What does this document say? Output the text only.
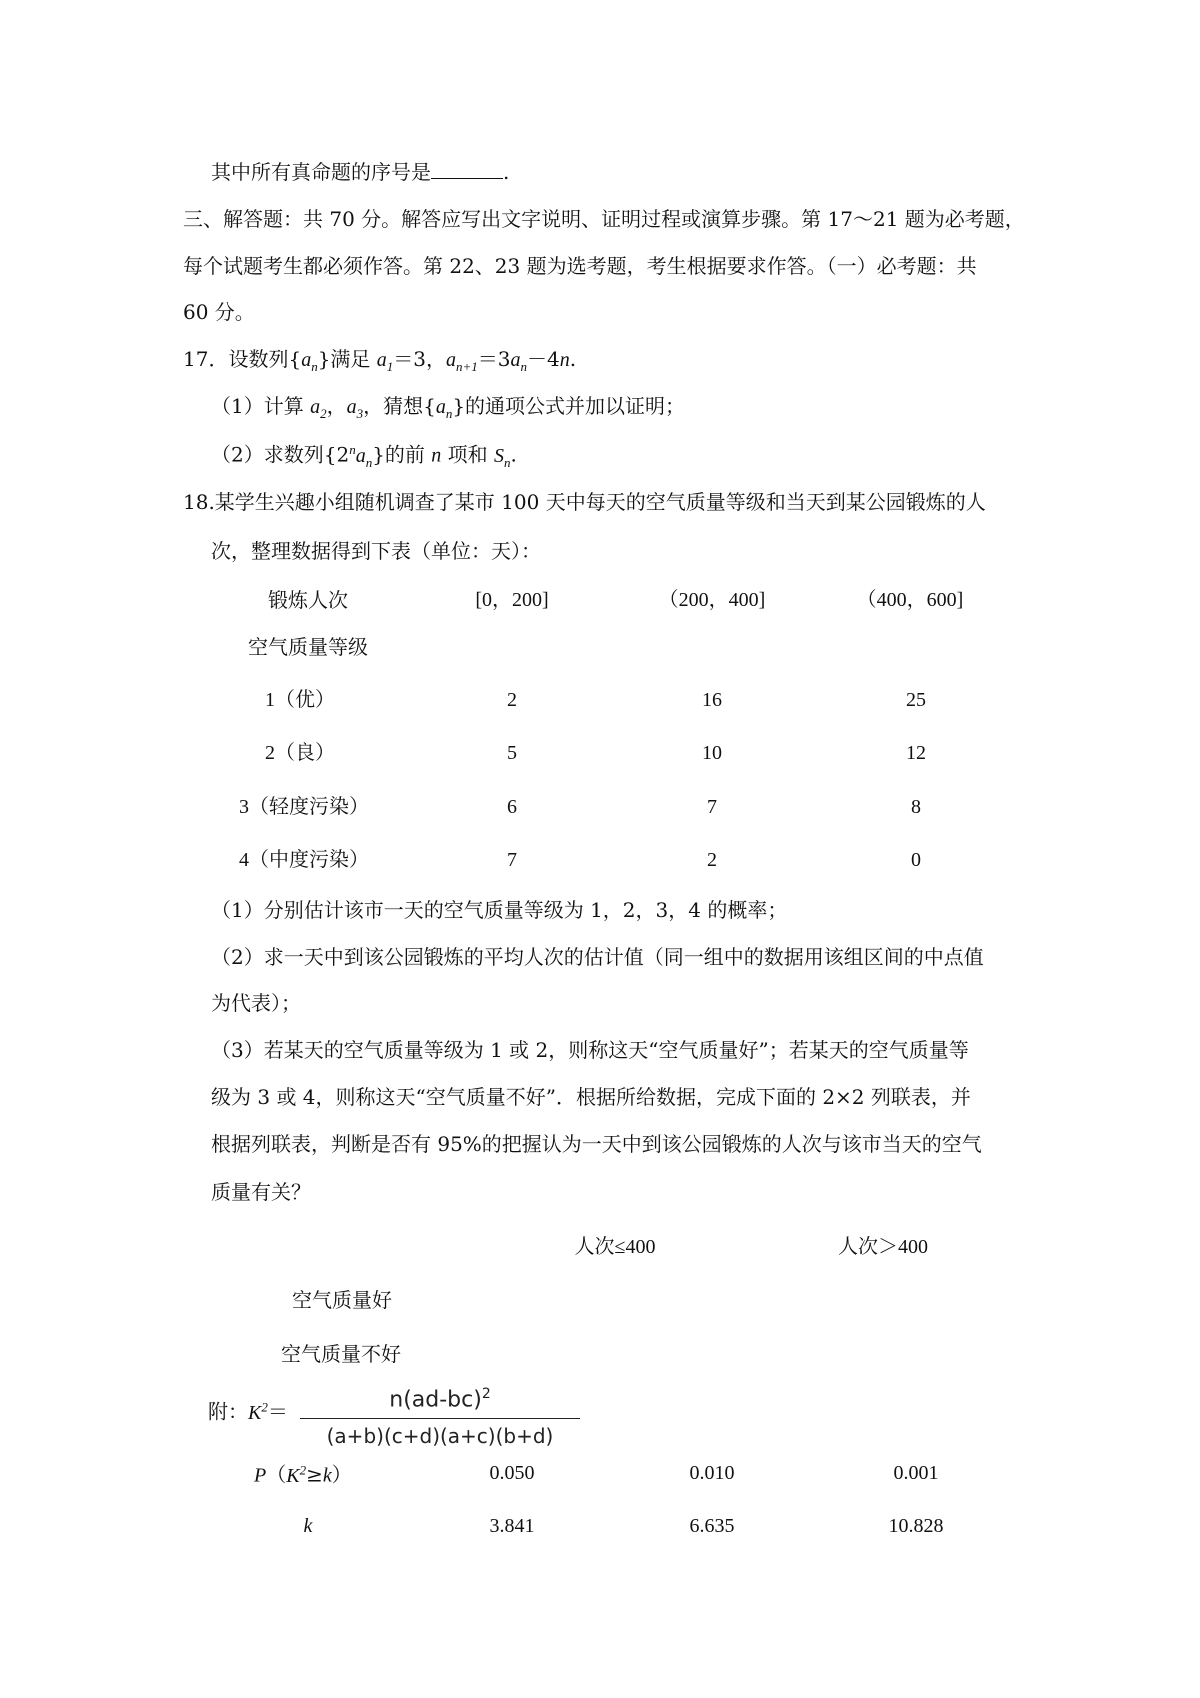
其中所有真命题的序号是	.
三、解答题：共 70 分。解答应写出文字说明、证明过程或演算步骤。第 17～21 题为必考题，
每个试题考生都必须作答。第 22、23 题为选考题，考生根据要求作答。（一）必考题：共
60 分。
17．设数列$\{a_n\}$满足 $a_1=3$，$a_{n+1}=3a_n-4n$.
（1）计算 $a_2$，$a_3$，猜想$\{a_n\}$的通项公式并加以证明；
（2）求数列$\{2^na_n\}$的前 n 项和 $S_n$.
18.某学生兴趣小组随机调查了某市 100 天中每天的空气质量等级和当天到某公园锻炼的人
次，整理数据得到下表（单位：天）：
锻炼人次	[0，200]	（200，400]	（400，600]
空气质量等级
1（优）	2	16	25
2（良）	5	10	12
3（轻度污染）	6	7	8
4（中度污染）	7	2	0
（1）分别估计该市一天的空气质量等级为 1，2，3，4 的概率；
（2）求一天中到该公园锻炼的平均人次的估计值（同一组中的数据用该组区间的中点值
为代表）；
（3）若某天的空气质量等级为 1 或 2，则称这天“空气质量好”；若某天的空气质量等
级为 3 或 4，则称这天“空气质量不好”．根据所给数据，完成下面的 2×2 列联表，并
根据列联表，判断是否有 95%的把握认为一天中到该公园锻炼的人次与该市当天的空气
质量有关？
人次≤400	人次＞400
空气质量好
空气质量不好
附：$K^2=$	$n(ad-bc)^2$
(a+b)(c+d)(a+c)(b+d)
$P(K^2\ge k)$	0.050	0.010	0.001
k	3.841	6.635	10.828
